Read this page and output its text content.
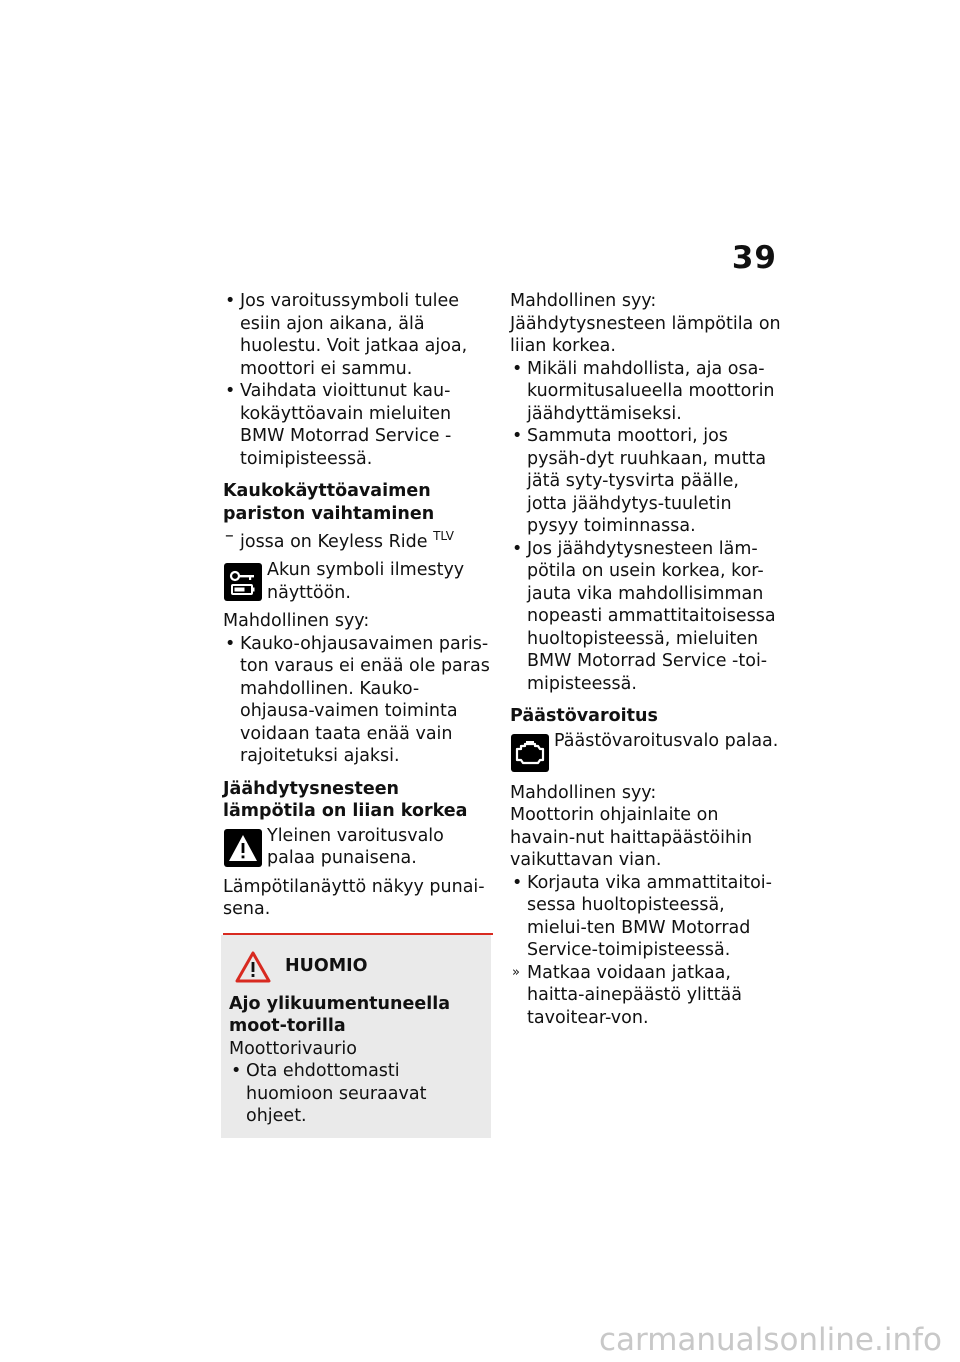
39

• Jos varoitussymboli tulee esiin ajon aikana, älä huolestu. Voit jatkaa ajoa, moottori ei sammu.

• Vaihdata vioittunut kau-kokäyttöavain mieluiten BMW Motorrad Service -toimipisteessä.

Kaukokäyttöavaimen pariston vaihtaminen

– jossa on Keyless Ride $^{TLV}$

Akun symboli ilmestyy näyttöön.

Mahdollinen syy:

• Kauko-ohjausavaimen paris-ton varaus ei enää ole paras mahdollinen. Kauko-ohjausa-vaimen toiminta voidaan taata enää vain rajoitetuksi ajaksi.

Jäähdytysnesteen lämpötila on liian korkea

Yleinen varoitusvalo palaa punaisena.

Lämpötilanäyttö näkyy punai-sena.

HUOMIO

Ajo ylikuumentuneella moot-torilla

Moottorivaurio

• Ota ehdottomasti huomioon seuraavat ohjeet.

Mahdollinen syy:

Jäähdytysnesteen lämpötila on liian korkea.

• Mikäli mahdollista, aja osa-kuormitusalueella moottorin jäähdyttämiseksi.

• Sammuta moottori, jos pysäh-dyt ruuhkaan, mutta jätä syty-tysvirta päälle, jotta jäähdytys-tuuletin pysyy toiminnassa.

• Jos jäähdytysnesteen läm-pötila on usein korkea, kor-jauta vika mahdollisimman nopeasti ammattitaitoisessa huoltopisteessä, mieluiten BMW Motorrad Service -toi-mipisteessä.

Päästövaroitus

Päästövaroitusvalo palaa.

Mahdollinen syy:

Moottorin ohjainlaite on havain-nut haittapäästöihin vaikuttavan vian.

• Korjauta vika ammattitaitoi-sessa huoltopisteessä, mielui-ten BMW Motorrad Service-toimipisteessä.

» Matkaa voidaan jatkaa, haitta-ainepäästö ylittää tavoitear-von.

carmanualsonline.info
